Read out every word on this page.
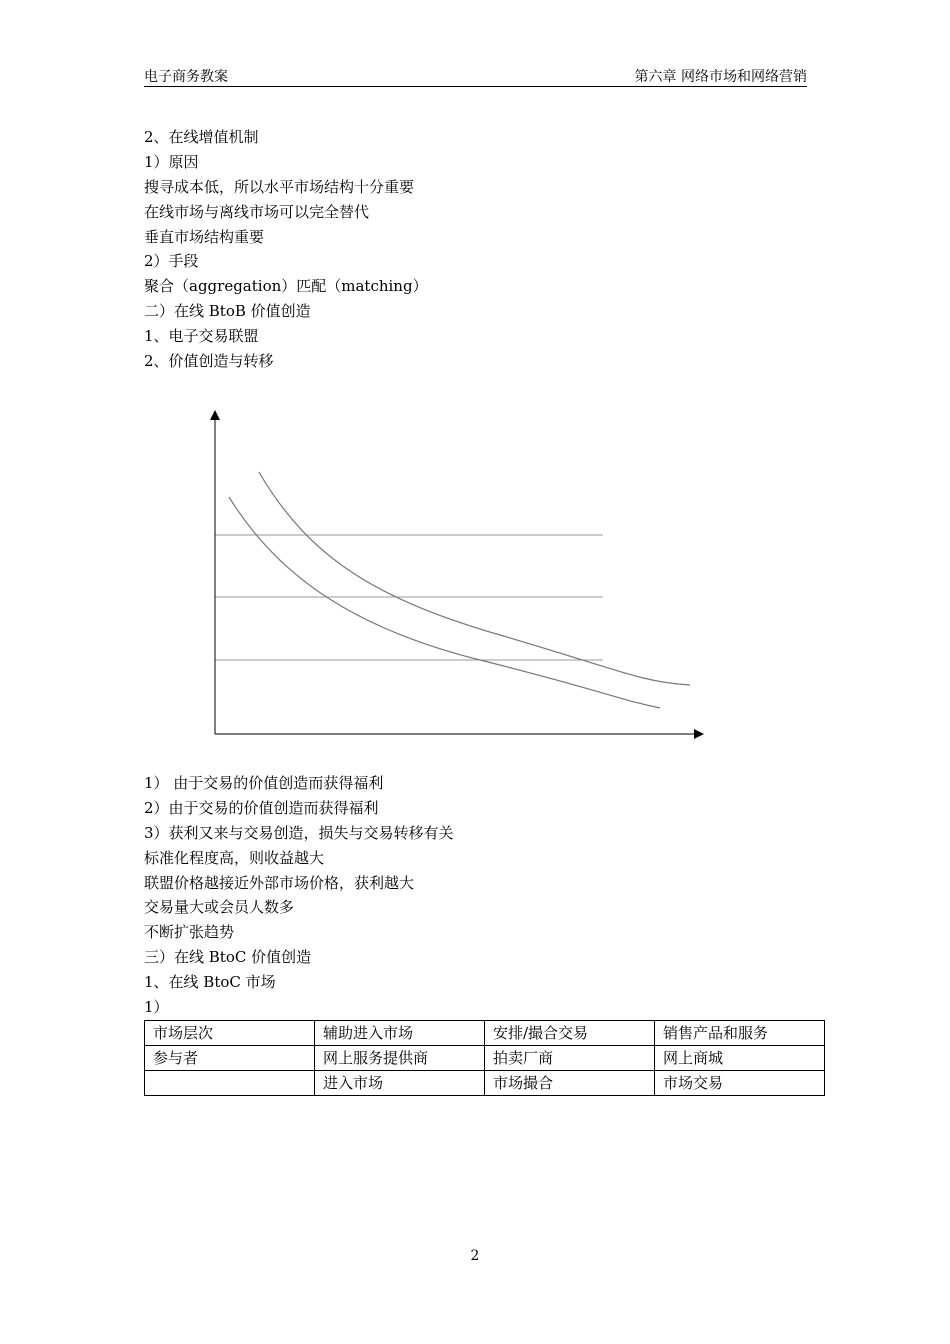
电子商务教案	第六章 网络市场和网络营销
2、在线增值机制
1）原因
搜寻成本低，所以水平市场结构十分重要
在线市场与离线市场可以完全替代
垂直市场结构重要
2）手段
聚合（aggregation）匹配（matching）
二）在线 BtoB 价值创造
1、电子交易联盟
2、价值创造与转移
1） 由于交易的价值创造而获得福利
2）由于交易的价值创造而获得福利
3）获利又来与交易创造，损失与交易转移有关
标准化程度高，则收益越大
联盟价格越接近外部市场价格，获利越大
交易量大或会员人数多
不断扩张趋势
三）在线 BtoC 价值创造
1、在线 BtoC 市场
1）
市场层次	辅助进入市场	安排/撮合交易	销售产品和服务
参与者	网上服务提供商	拍卖厂商	网上商城
	进入市场	市场撮合	市场交易
2
